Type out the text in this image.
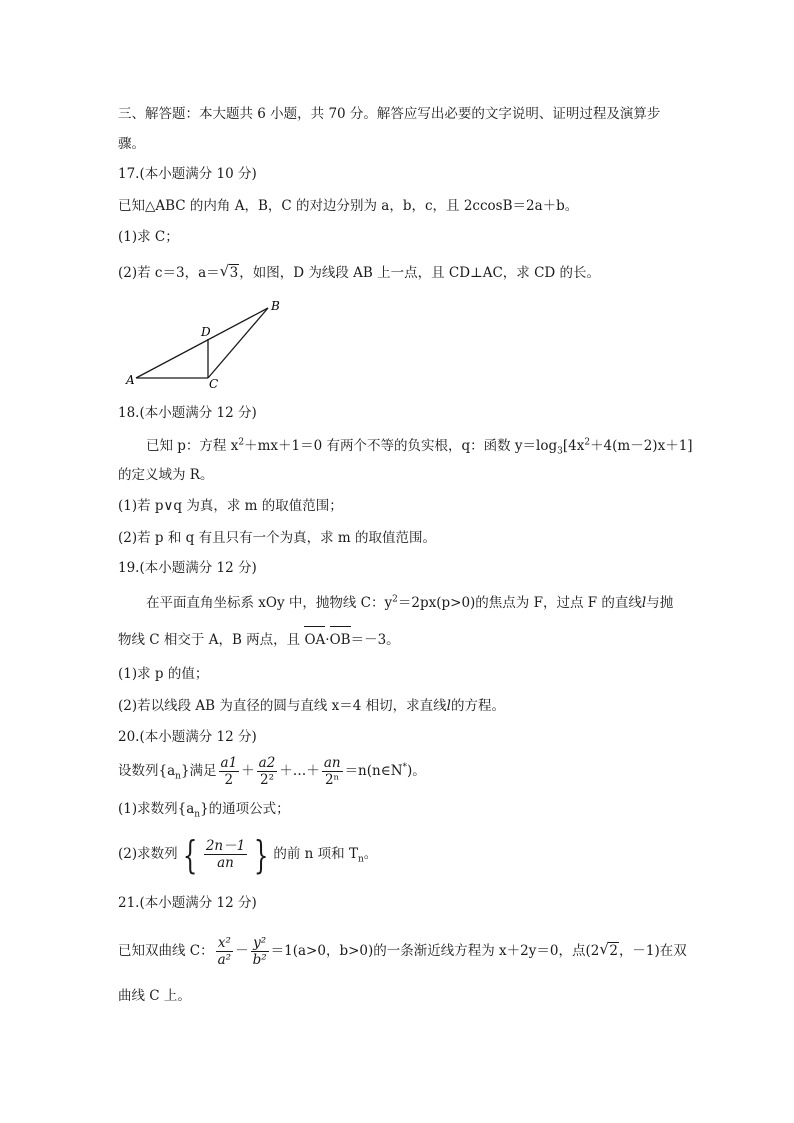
三、解答题：本大题共 6 小题，共 70 分。解答应写出必要的文字说明、证明过程及演算步
骤。
17.(本小题满分 10 分)
已知△ABC 的内角 A，B，C 的对边分别为 a，b，c，且 2ccosB＝2a＋b。
(1)求 C；
(2)若 c＝3，a＝ √ 3，如图，D 为线段 AB 上一点，且 CD⊥AC，求 CD 的长。
A
B
C
D
18.(本小题满分 12 分)
已知 p：方程 $x^2+mx+1=0$ 有两个不等的负实根，q：函数 $y=\log_3[4x^2+4(m-2)x+1]$
的定义域为 R。
(1)若 p∨q 为真，求 m 的取值范围；
(2)若 p 和 q 有且只有一个为真，求 m 的取值范围。
19.(本小题满分 12 分)
在平面直角坐标系 xOy 中，抛物线 C：$y^2=2px(p>0)$的焦点为 F，过点 F 的直线l与抛
物线 C 相交于 A，B 两点，且 OA·OB＝－3。
(1)求 p 的值；
(2)若以线段 AB 为直径的圆与直线 x＝4 相切，求直线l的方程。
20.(本小题满分 12 分)
设数列$\{a_n\}$满足 $\frac{a1}{2} + \frac{a2}{\text{2²}}$ ＋…＋ $\frac{an}{\text{2ⁿ}}$ ＝n(n∈N*)。
(1)求数列$\{a_n\}$的通项公式；
(2)求数列 { $\frac{2n-1}{an}$ } 的前 n 项和 $T_n$。
21.(本小题满分 12 分)
已知双曲线 C： $\frac{\text{x²}}{\text{a²}} - \frac{\text{y²}}{\text{b²}} =1(a>0$，b>0)的一条渐近线方程为 x＋2y＝0，点(2 √ 2，－1)在双
曲线 C 上。
